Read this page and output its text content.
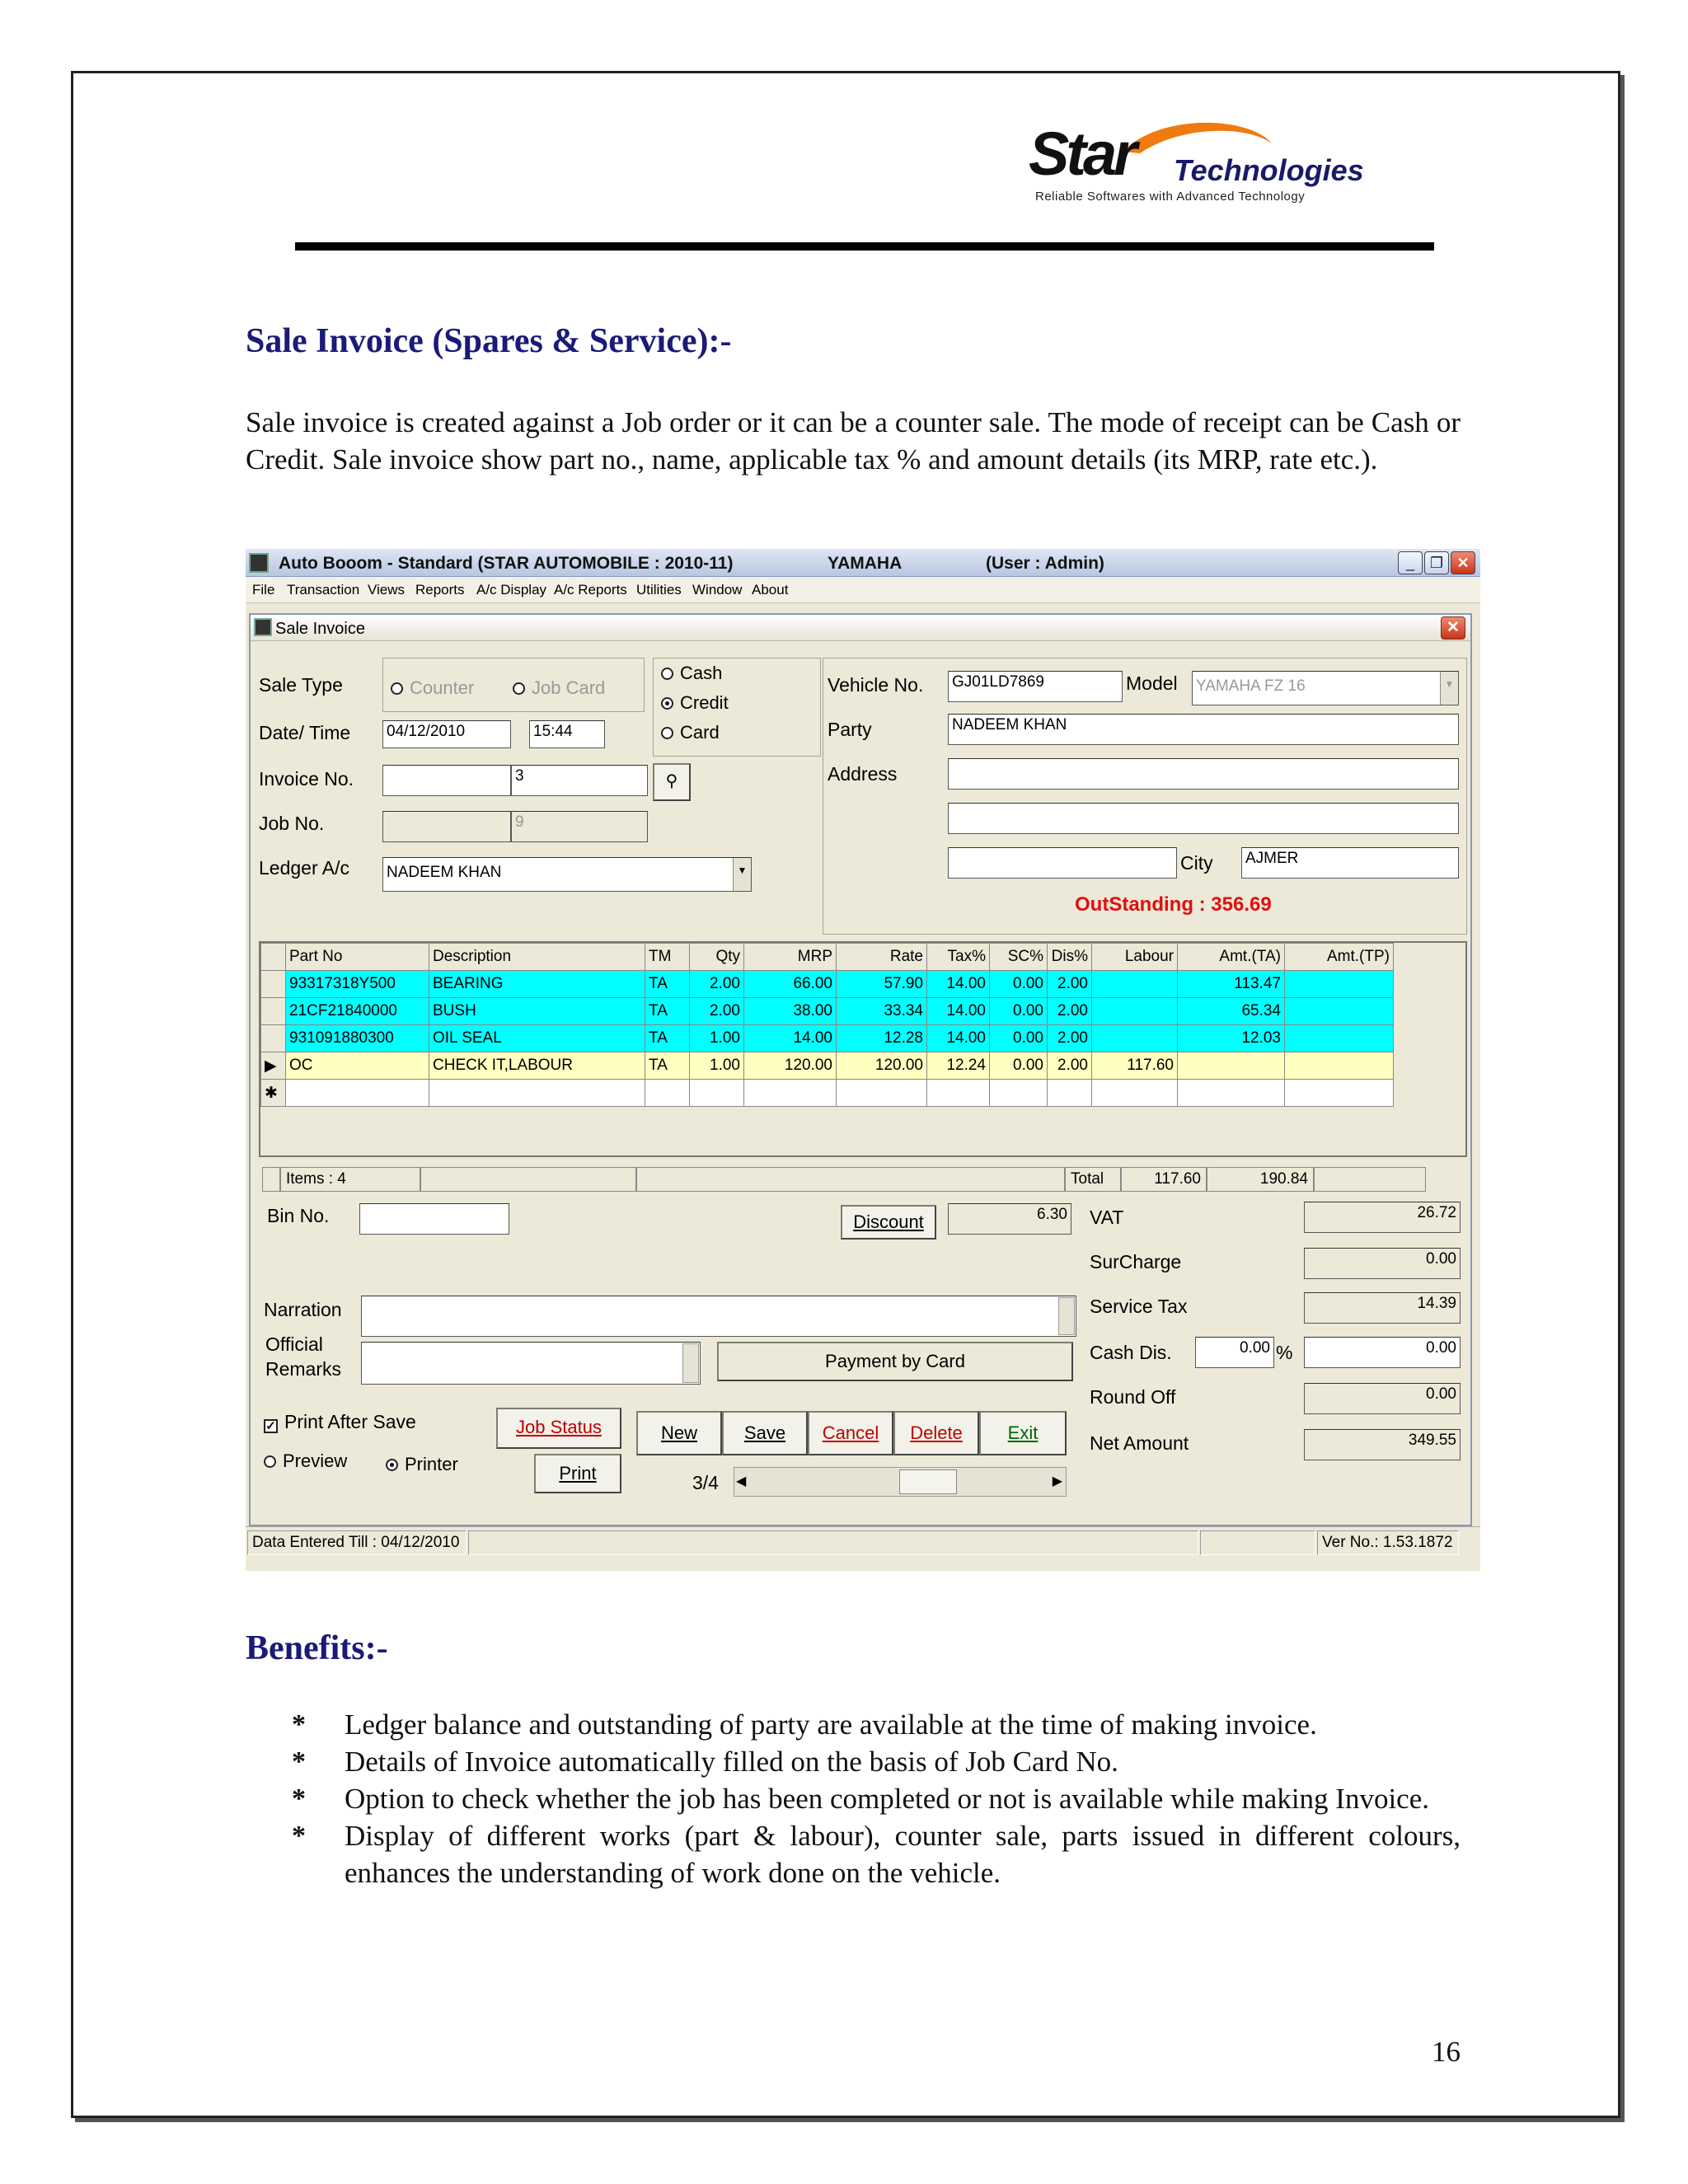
Star Technologies
Reliable Softwares with Advanced Technology
Sale Invoice (Spares & Service):-

Sale invoice is created against a Job order or it can be a counter sale. The mode of receipt can be Cash or Credit. Sale invoice show part no., name, applicable tax % and amount details (its MRP, rate etc.).

Auto Booom - Standard (STAR AUTOMOBILE : 2010-11)	YAMAHA	(User : Admin)	_	❐ ✕
File Transaction Views Reports A/c Display A/c Reports Utilities Window About
Sale Invoice	✕
Sale Type	Counter	Job Card
Cash
Credit
Card
Date/ Time 04/12/2010	15:44
Invoice No.	3	⚲
Job No.	9
Ledger A/c NADEEM KHAN	▼
Vehicle No. GJ01LD7869	Model YAMAHA FZ 16	▼
Party	NADEEM KHAN
Address
City AJMER
OutStanding : 356.69
	Part No	Description	TM	Qty	MRP	Rate	Tax%	SC%	Dis%	Labour	Amt.(TA)	Amt.(TP)
	93317318Y500	BEARING	TA	2.00	66.00	57.90	14.00	0.00	2.00		113.47	
	21CF21840000	BUSH	TA	2.00	38.00	33.34	14.00	0.00	2.00		65.34	
	931091880300	OIL SEAL	TA	1.00	14.00	12.28	14.00	0.00	2.00		12.03	
▶	OC	CHECK IT,LABOUR	TA	1.00	120.00	120.00	12.24	0.00	2.00	117.60		
✱												
Items : 4	Total	117.60	190.84
Bin No.	Discount	6.30 VAT	26.72
SurCharge	0.00
Service Tax	14.39
Cash Dis.	0.00 %	0.00
Round Off	0.00
Net Amount	349.55
Narration
Official
Remarks	Payment by Card
✓ Print After Save
Preview	Printer
Job Status
Print
New	Save	Cancel	Delete	Exit
3/4 ◀	▶
Data Entered Till : 04/12/2010	Ver No.: 1.53.1872
Benefits:-
* Ledger balance and outstanding of party are available at the time of making invoice.
* Details of Invoice automatically filled on the basis of Job Card No.
* Option to check whether the job has been completed or not is available while making Invoice.
* Display of different works (part & labour), counter sale, parts issued in different colours, enhances the understanding of work done on the vehicle.
16
